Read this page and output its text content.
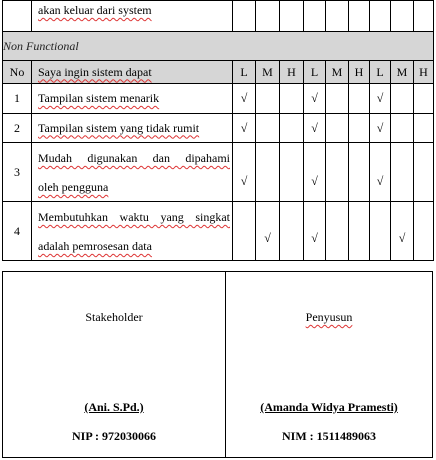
	akan keluar dari system									
Non Functional										
No	Saya ingin sistem dapat	L	M	H	L	M	H	L	M	H
1	Tampilan sistem menarik	√			√			√		
2	Tampilan sistem yang tidak rumit	√			√			√		
3	Mudah digunakan dan dipahami
oleh pengguna	√			√			√		
4	Membutuhkan waktu yang singkat
adalah pemrosesan data		√		√				√	
Stakeholder
(Ani. S.Pd.)
NIP : 972030066
Penyusun
(Amanda Widya Pramesti)
NIM : 1511489063
